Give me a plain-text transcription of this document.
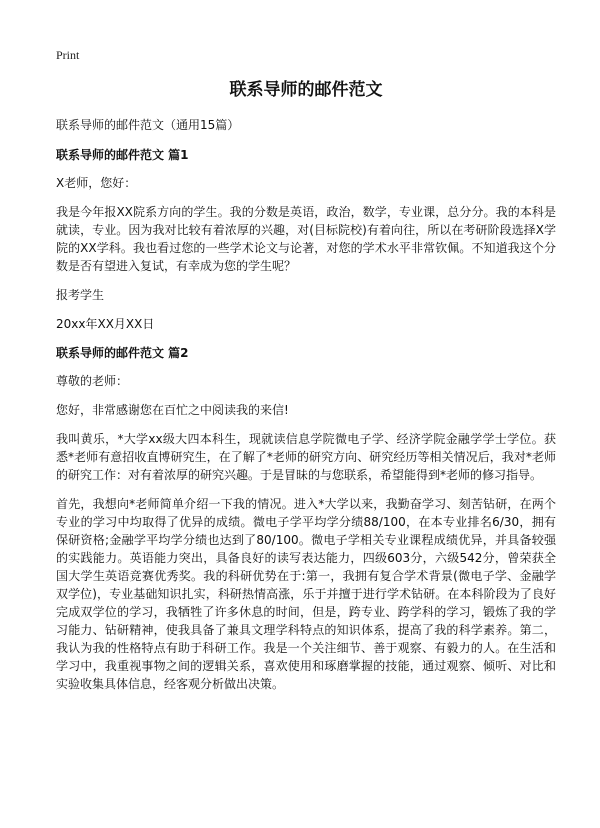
Print
联系导师的邮件范文

联系导师的邮件范文（通用15篇）

联系导师的邮件范文 篇1

X老师，您好：

我是今年报XX院系方向的学生。我的分数是英语，政治，数学，专业课，总分分。我的本科是就读，专业。因为我对比较有着浓厚的兴趣，对(目标院校)有着向往，所以在考研阶段选择X学院的XX学科。我也看过您的一些学术论文与论著，对您的学术水平非常钦佩。不知道我这个分数是否有望进入复试，有幸成为您的学生呢？

报考学生

20xx年XX月XX日

联系导师的邮件范文 篇2

尊敬的老师：

您好，非常感谢您在百忙之中阅读我的来信!

我叫黄乐，*大学xx级大四本科生，现就读信息学院微电子学、经济学院金融学学士学位。获悉*老师有意招收直博研究生，在了解了*老师的研究方向、研究经历等相关情况后，我对*老师的研究工作：对有着浓厚的研究兴趣。于是冒昧的与您联系，希望能得到*老师的修习指导。

首先，我想向*老师简单介绍一下我的情况。进入*大学以来，我勤奋学习、刻苦钻研，在两个专业的学习中均取得了优异的成绩。微电子学平均学分绩88/100，在本专业排名6/30，拥有保研资格;金融学平均学分绩也达到了80/100。微电子学相关专业课程成绩优异，并具备较强的实践能力。英语能力突出，具备良好的读写表达能力，四级603分，六级542分，曾荣获全国大学生英语竞赛优秀奖。我的科研优势在于:第一，我拥有复合学术背景(微电子学、金融学双学位)，专业基础知识扎实，科研热情高涨，乐于并擅于进行学术钻研。在本科阶段为了良好完成双学位的学习，我牺牲了许多休息的时间，但是，跨专业、跨学科的学习，锻炼了我的学习能力、钻研精神，使我具备了兼具文理学科特点的知识体系，提高了我的科学素养。第二，我认为我的性格特点有助于科研工作。我是一个关注细节、善于观察、有毅力的人。在生活和学习中，我重视事物之间的逻辑关系，喜欢使用和琢磨掌握的技能，通过观察、倾听、对比和实验收集具体信息，经客观分析做出决策。
